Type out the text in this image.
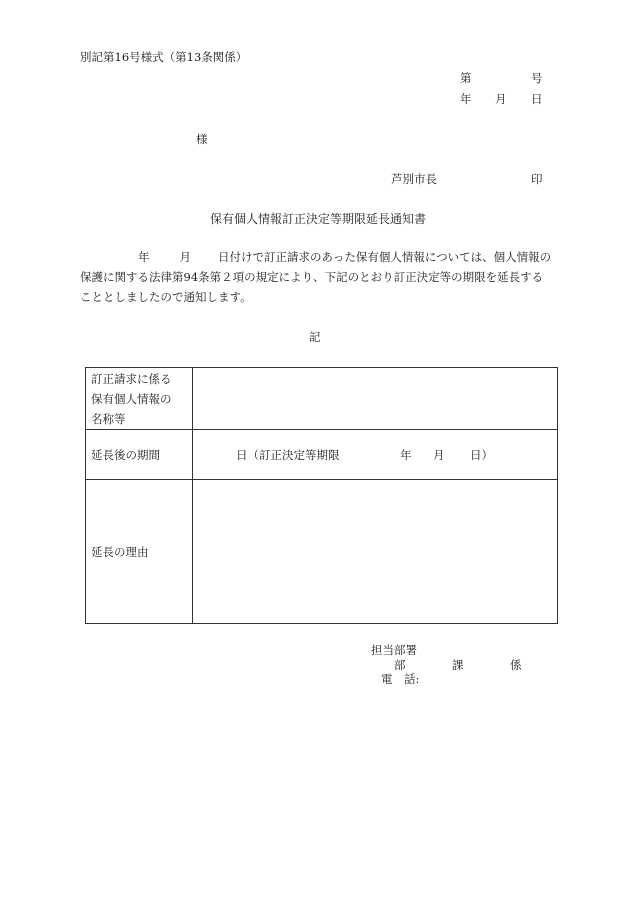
別記第16号様式（第13条関係）
第	号
年 月 日
様
芦別市長	印
保有個人情報訂正決定等期限延長通知書
年	月 日付けで訂正請求のあった保有個人情報については、個人情報の
保護に関する法律第94条第２項の規定により、下記のとおり訂正決定等の期限を延長する
こととしましたので通知します。
記
訂正請求に係る
保有個人情報の
名称等	

延長後の期間	日（訂正決定等期限 年 月 日）

延長の理由	
担当部署
部	課	係
電　話:
